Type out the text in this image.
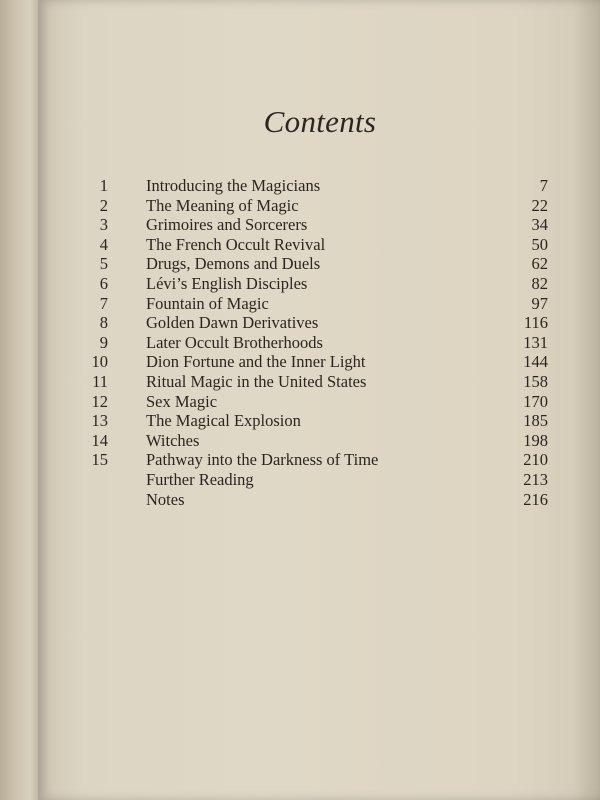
Contents
1 Introducing the Magicians	7
2 The Meaning of Magic	22
3 Grimoires and Sorcerers	34
4 The French Occult Revival	50
5 Drugs, Demons and Duels	62
6 Lévi’s English Disciples	82
7 Fountain of Magic	97
8 Golden Dawn Derivatives	116
9 Later Occult Brotherhoods	131
10 Dion Fortune and the Inner Light	144
11 Ritual Magic in the United States	158
12 Sex Magic	170
13 The Magical Explosion	185
14 Witches	198
15 Pathway into the Darkness of Time	210
Further Reading	213
Notes	216
